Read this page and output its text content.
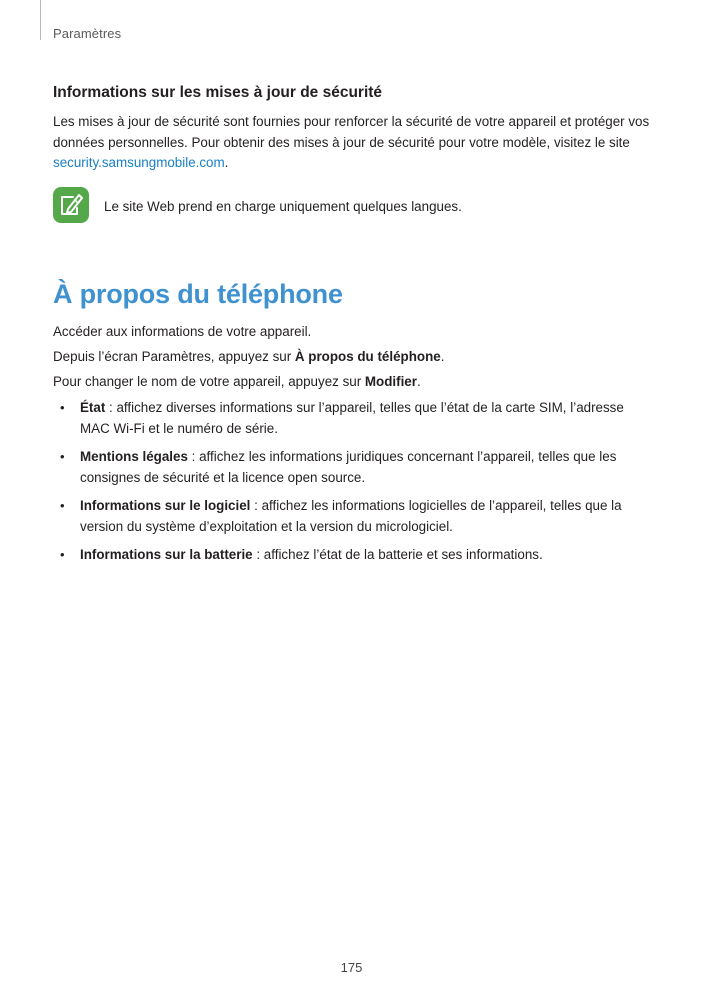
Paramètres
Informations sur les mises à jour de sécurité

Les mises à jour de sécurité sont fournies pour renforcer la sécurité de votre appareil et protéger vos données personnelles. Pour obtenir des mises à jour de sécurité pour votre modèle, visitez le site
security.samsungmobile.com.

Le site Web prend en charge uniquement quelques langues.
À propos du téléphone

Accéder aux informations de votre appareil.

Depuis l’écran Paramètres, appuyez sur À propos du téléphone.

Pour changer le nom de votre appareil, appuyez sur Modifier.

• État : affichez diverses informations sur l’appareil, telles que l’état de la carte SIM, l’adresse MAC Wi-Fi et le numéro de série.
• Mentions légales : affichez les informations juridiques concernant l’appareil, telles que les consignes de sécurité et la licence open source.
• Informations sur le logiciel : affichez les informations logicielles de l’appareil, telles que la version du système d’exploitation et la version du micrologiciel.
• Informations sur la batterie : affichez l’état de la batterie et ses informations.
175
